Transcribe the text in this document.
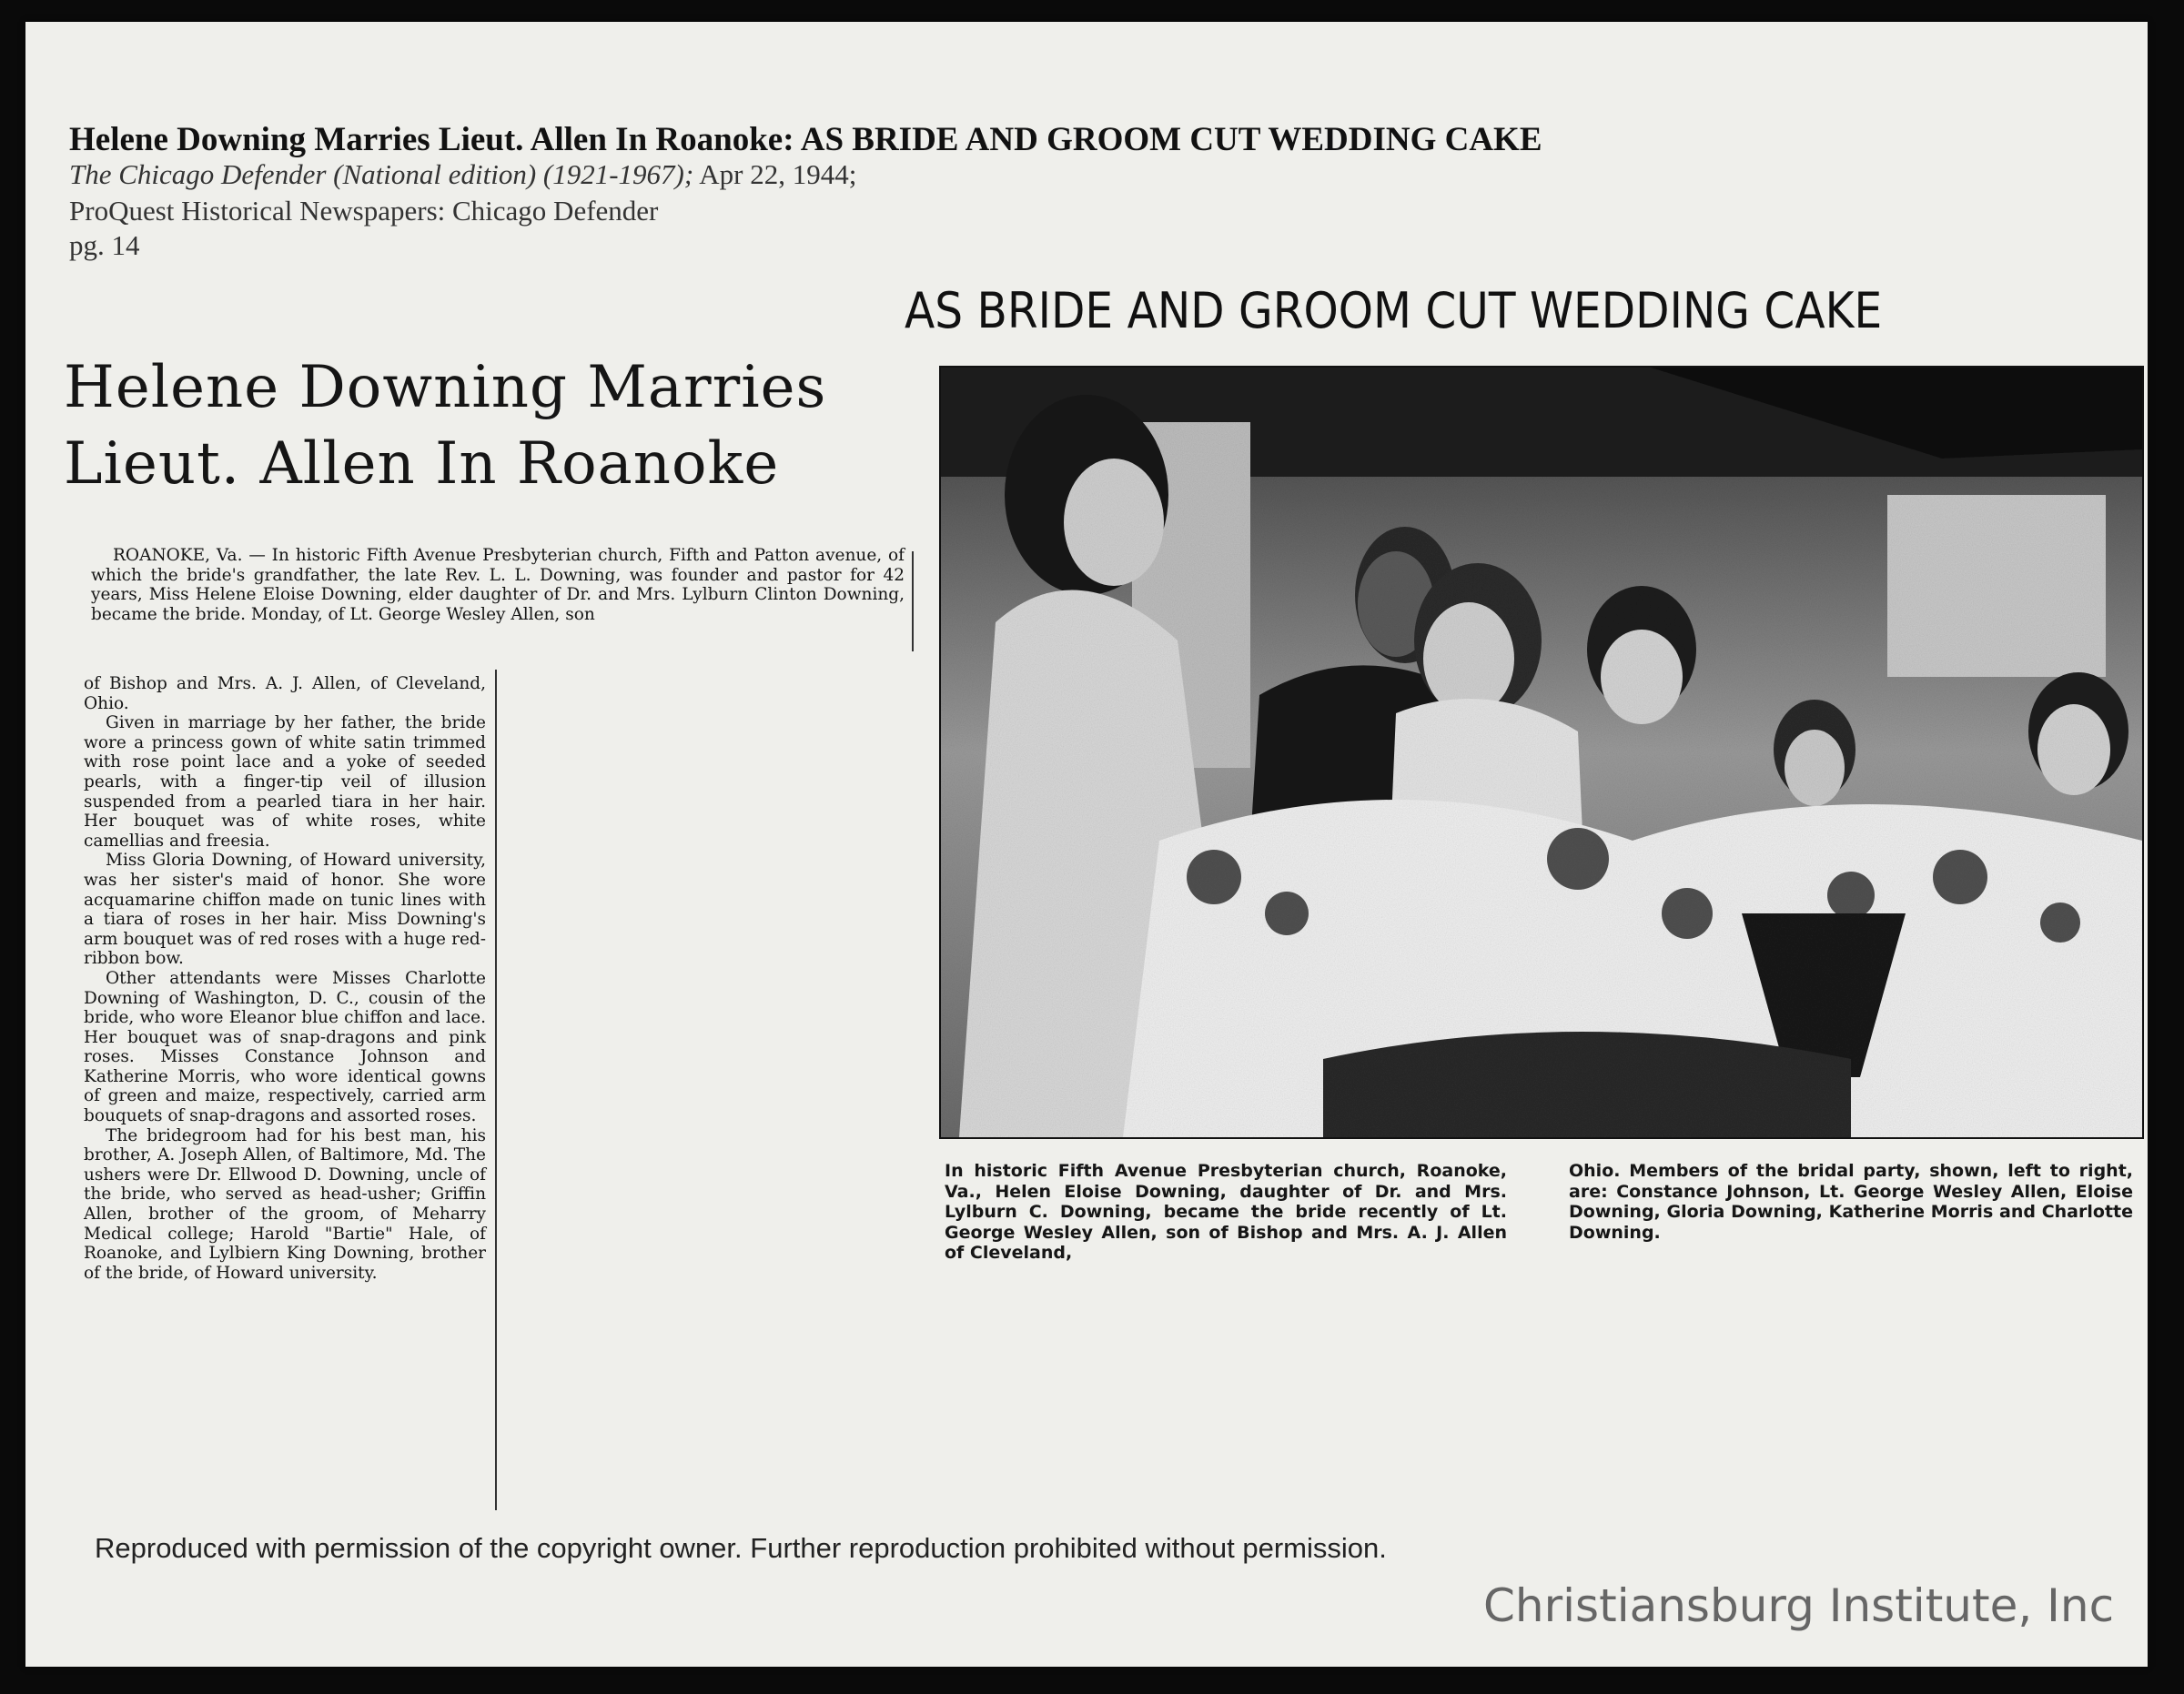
Helene Downing Marries Lieut. Allen In Roanoke: AS BRIDE AND GROOM CUT WEDDING CAKE
The Chicago Defender (National edition) (1921-1967); Apr 22, 1944;
ProQuest Historical Newspapers: Chicago Defender
pg. 14
AS BRIDE AND GROOM CUT WEDDING CAKE
Helene Downing Marries
Lieut. Allen In Roanoke

ROANOKE, Va. — In historic Fifth Avenue Presbyterian church, Fifth and Patton avenue, of which the bride's grandfather, the late Rev. L. L. Downing, was founder and pastor for 42 years, Miss Helene Eloise Downing, elder daughter of Dr. and Mrs. Lylburn Clinton Downing, became the bride. Monday, of Lt. George Wesley Allen, son

of Bishop and Mrs. A. J. Allen, of Cleveland, Ohio.

Given in marriage by her father, the bride wore a princess gown of white satin trimmed with rose point lace and a yoke of seeded pearls, with a finger-tip veil of illusion suspended from a pearled tiara in her hair. Her bouquet was of white roses, white camellias and freesia.

Miss Gloria Downing, of Howard university, was her sister's maid of honor. She wore acquamarine chiffon made on tunic lines with a tiara of roses in her hair. Miss Downing's arm bouquet was of red roses with a huge red-ribbon bow.

Other attendants were Misses Charlotte Downing of Washington, D. C., cousin of the bride, who wore Eleanor blue chiffon and lace. Her bouquet was of snap-dragons and pink roses. Misses Constance Johnson and Katherine Morris, who wore identical gowns of green and maize, respectively, carried arm bouquets of snap-dragons and assorted roses.

The bridegroom had for his best man, his brother, A. Joseph Allen, of Baltimore, Md. The ushers were Dr. Ellwood D. Downing, uncle of the bride, who served as head-usher; Griffin Allen, brother of the groom, of Meharry Medical college; Harold "Bartie" Hale, of Roanoke, and Lylbiern King Downing, brother of the bride, of Howard university.

In historic Fifth Avenue Presbyterian church, Roanoke, Va., Helen Eloise Downing, daughter of Dr. and Mrs. Lylburn C. Downing, became the bride recently of Lt. George Wesley Allen, son of Bishop and Mrs. A. J. Allen of Cleveland,
Ohio. Members of the bridal party, shown, left to right, are: Constance Johnson, Lt. George Wesley Allen, Eloise Downing, Gloria Downing, Katherine Morris and Charlotte Downing.
Reproduced with permission of the copyright owner. Further reproduction prohibited without permission.
Christiansburg Institute, Inc
